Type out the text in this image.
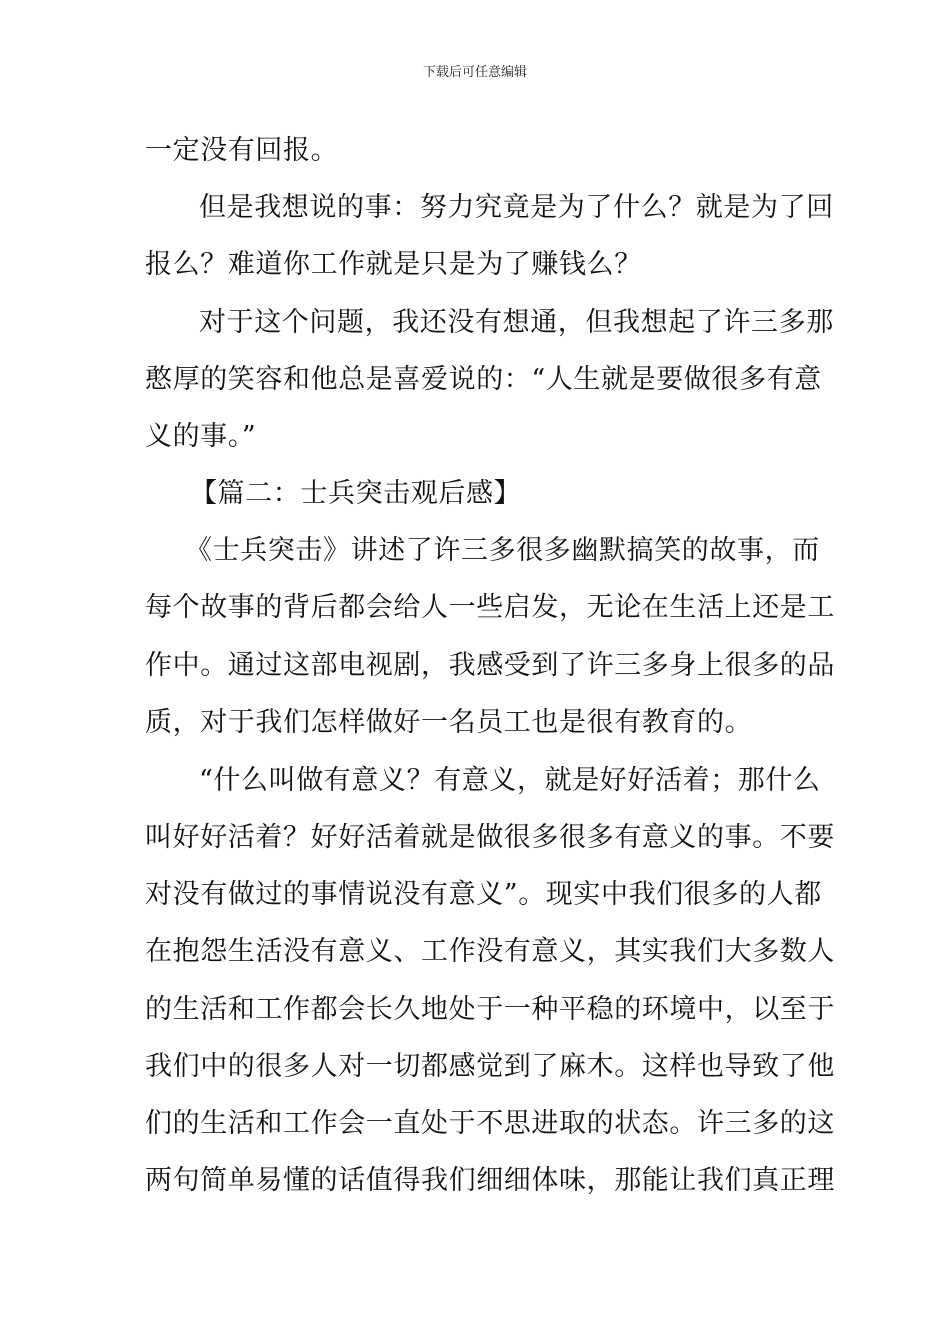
下载后可任意编辑
一定没有回报。
但是我想说的事：努力究竟是为了什么？就是为了回
报么？难道你工作就是只是为了赚钱么？
对于这个问题，我还没有想通，但我想起了许三多那
憨厚的笑容和他总是喜爱说的：“人生就是要做很多有意
义的事。”
【篇二：士兵突击观后感】
《士兵突击》讲述了许三多很多幽默搞笑的故事，而
每个故事的背后都会给人一些启发，无论在生活上还是工
作中。通过这部电视剧，我感受到了许三多身上很多的品
质，对于我们怎样做好一名员工也是很有教育的。
“什么叫做有意义？有意义，就是好好活着；那什么
叫好好活着？好好活着就是做很多很多有意义的事。不要
对没有做过的事情说没有意义”。现实中我们很多的人都
在抱怨生活没有意义、工作没有意义，其实我们大多数人
的生活和工作都会长久地处于一种平稳的环境中，以至于
我们中的很多人对一切都感觉到了麻木。这样也导致了他
们的生活和工作会一直处于不思进取的状态。许三多的这
两句简单易懂的话值得我们细细体味，那能让我们真正理
